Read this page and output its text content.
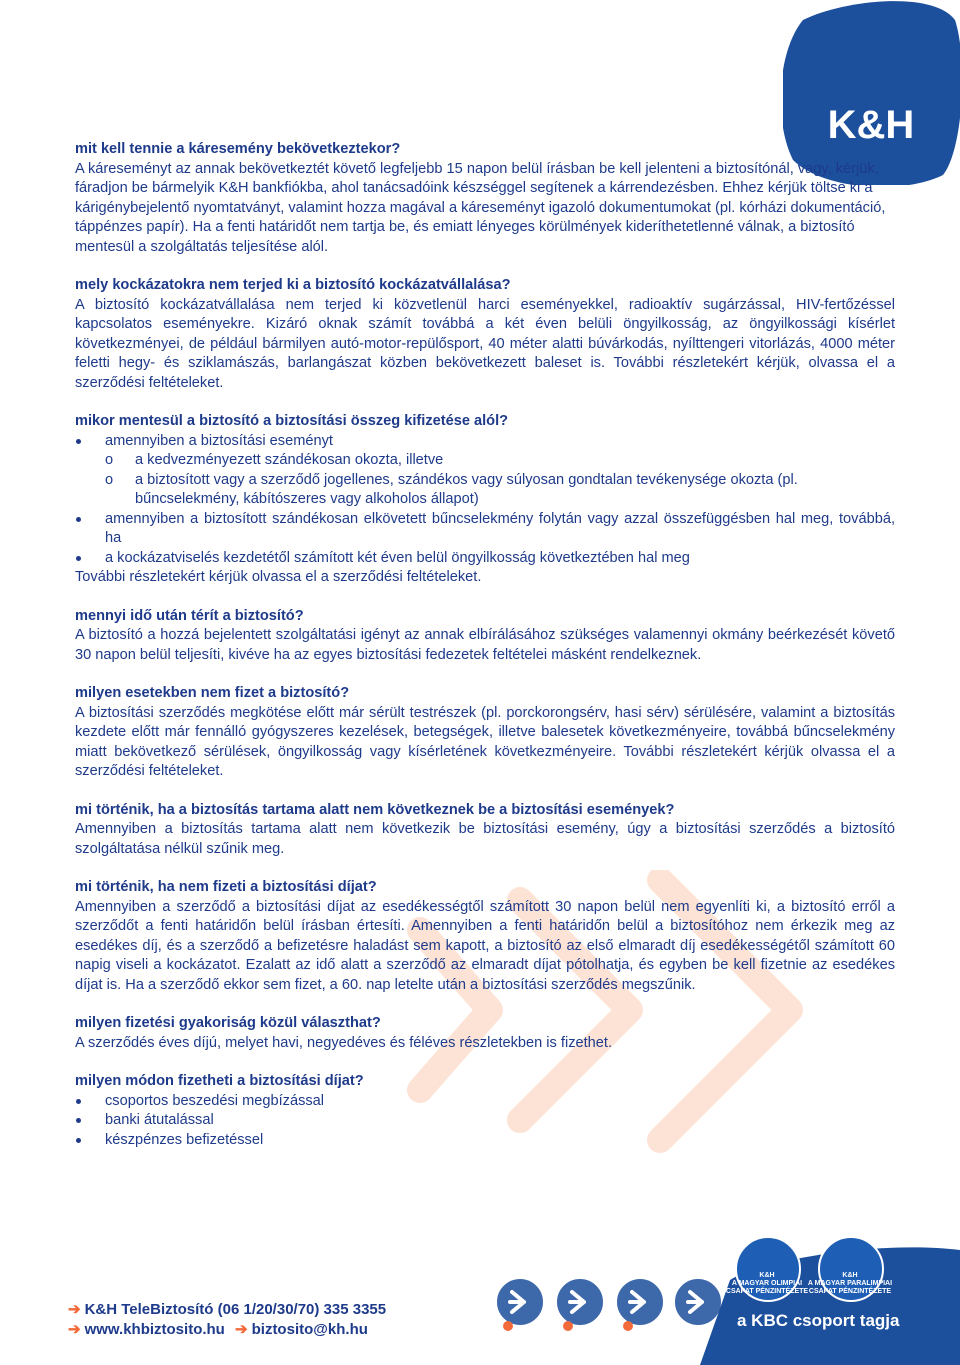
K&H

mit kell tennie a káresemény bekövetkeztekor?

A káreseményt az annak bekövetkeztét követő legfeljebb 15 napon belül írásban be kell jelenteni a biztosítónál, vagy, kérjük, fáradjon be bármelyik K&H bankfiókba, ahol tanácsadóink készséggel segítenek a kárrendezésben. Ehhez kérjük töltse ki a kárigénybejelentő nyomtatványt, valamint hozza magával a káreseményt igazoló dokumentumokat (pl. kórházi dokumentáció, táppénzes papír). Ha a fenti határidőt nem tartja be, és emiatt lényeges körülmények kideríthetetlenné válnak, a biztosító mentesül a szolgáltatás teljesítése alól.

mely kockázatokra nem terjed ki a biztosító kockázatvállalása?

A biztosító kockázatvállalása nem terjed ki közvetlenül harci eseményekkel, radioaktív sugárzással, HIV-fertőzéssel kapcsolatos eseményekre. Kizáró oknak számít továbbá a két éven belüli öngyilkosság, az öngyilkossági kísérlet következményei, de például bármilyen autó-motor-repülősport, 40 méter alatti búvárkodás, nyílttengeri vitorlázás, 4000 méter feletti hegy- és sziklamászás, barlangászat közben bekövetkezett baleset is. További részletekért kérjük, olvassa el a szerződési feltételeket.

mikor mentesül a biztosító a biztosítási összeg kifizetése alól?

amennyiben a biztosítási eseményt
o a kedvezményezett szándékosan okozta, illetve
o a biztosított vagy a szerződő jogellenes, szándékos vagy súlyosan gondtalan tevékenysége okozta (pl. bűncselekmény, kábítószeres vagy alkoholos állapot)
amennyiben a biztosított szándékosan elkövetett bűncselekmény folytán vagy azzal összefüggésben hal meg, továbbá, ha
a kockázatviselés kezdetétől számított két éven belül öngyilkosság következtében hal meg

További részletekért kérjük olvassa el a szerződési feltételeket.

mennyi idő után térít a biztosító?

A biztosító a hozzá bejelentett szolgáltatási igényt az annak elbírálásához szükséges valamennyi okmány beérkezését követő 30 napon belül teljesíti, kivéve ha az egyes biztosítási fedezetek feltételei másként rendelkeznek.

milyen esetekben nem fizet a biztosító?

A biztosítási szerződés megkötése előtt már sérült testrészek (pl. porckorongsérv, hasi sérv) sérülésére, valamint a biztosítás kezdete előtt már fennálló gyógyszeres kezelések, betegségek, illetve balesetek következményeire, továbbá bűncselekmény miatt bekövetkező sérülések, öngyilkosság vagy kísérletének következményeire. További részletekért kérjük olvassa el a szerződési feltételeket.

mi történik, ha a biztosítás tartama alatt nem következnek be a biztosítási események?

Amennyiben a biztosítás tartama alatt nem következik be biztosítási esemény, úgy a biztosítási szerződés a biztosító szolgáltatása nélkül szűnik meg.

mi történik, ha nem fizeti a biztosítási díjat?

Amennyiben a szerződő a biztosítási díjat az esedékességtől számított 30 napon belül nem egyenlíti ki, a biztosító erről a szerződőt a fenti határidőn belül írásban értesíti. Amennyiben a fenti határidőn belül a biztosítóhoz nem érkezik meg az esedékes díj, és a szerződő a befizetésre haladást sem kapott, a biztosító az első elmaradt díj esedékességétől számított 60 napig viseli a kockázatot. Ezalatt az idő alatt a szerződő az elmaradt díjat pótolhatja, és egyben be kell fizetnie az esedékes díjat is. Ha a szerződő ekkor sem fizet, a 60. nap letelte után a biztosítási szerződés megszűnik.

milyen fizetési gyakoriság közül választhat?

A szerződés éves díjú, melyet havi, negyedéves és féléves részletekben is fizethet.

milyen módon fizetheti a biztosítási díjat?

csoportos beszedési megbízással
banki átutalással
készpénzes befizetéssel
➔ K&H TeleBiztosító (06 1/20/30/70) 335 3355
➔ www.khbiztosito.hu ➔ biztosito@kh.hu
K&H
A MAGYAR OLIMPIAI CSAPAT PÉNZINTÉZETE
K&H
A MAGYAR PARALIMPIAI CSAPAT PÉNZINTÉZETE
a KBC csoport tagja
